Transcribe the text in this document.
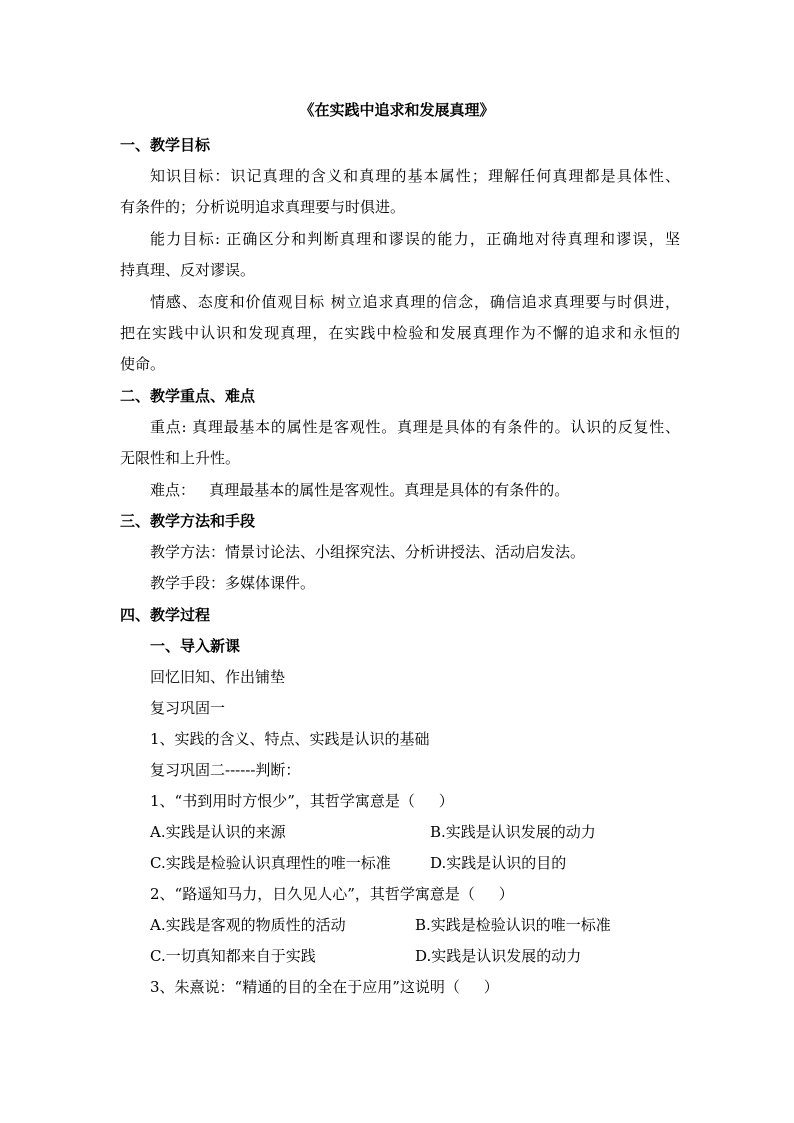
《在实践中追求和发展真理》
一、教学目标
知识目标：识记真理的含义和真理的基本属性；理解任何真理都是具体性、
有条件的；分析说明追求真理要与时俱进。
能力目标: 正确区分和判断真理和谬误的能力，正确地对待真理和谬误，坚
持真理、反对谬误。
情感、态度和价值观目标 树立追求真理的信念，确信追求真理要与时俱进，
把在实践中认识和发现真理，在实践中检验和发展真理作为不懈的追求和永恒的
使命。
二、教学重点、难点
重点: 真理最基本的属性是客观性。真理是具体的有条件的。认识的反复性、
无限性和上升性。
难点：   真理最基本的属性是客观性。真理是具体的有条件的。
三、教学方法和手段
教学方法：情景讨论法、小组探究法、分析讲授法、活动启发法。
教学手段：多媒体课件。
四、教学过程
一、导入新课
回忆旧知、作出铺垫
复习巩固一
1、实践的含义、特点、实践是认识的基础
复习巩固二------判断：
1、“书到用时方恨少”，其哲学寓意是（     ）
A.实践是认识的来源	B.实践是认识发展的动力
C.实践是检验认识真理性的唯一标准	D.实践是认识的目的
2、“路遥知马力，日久见人心”，其哲学寓意是（     ）
A.实践是客观的物质性的活动	B.实践是检验认识的唯一标准
C.一切真知都来自于实践	D.实践是认识发展的动力
3、朱熹说：“精通的目的全在于应用”这说明（     ）
